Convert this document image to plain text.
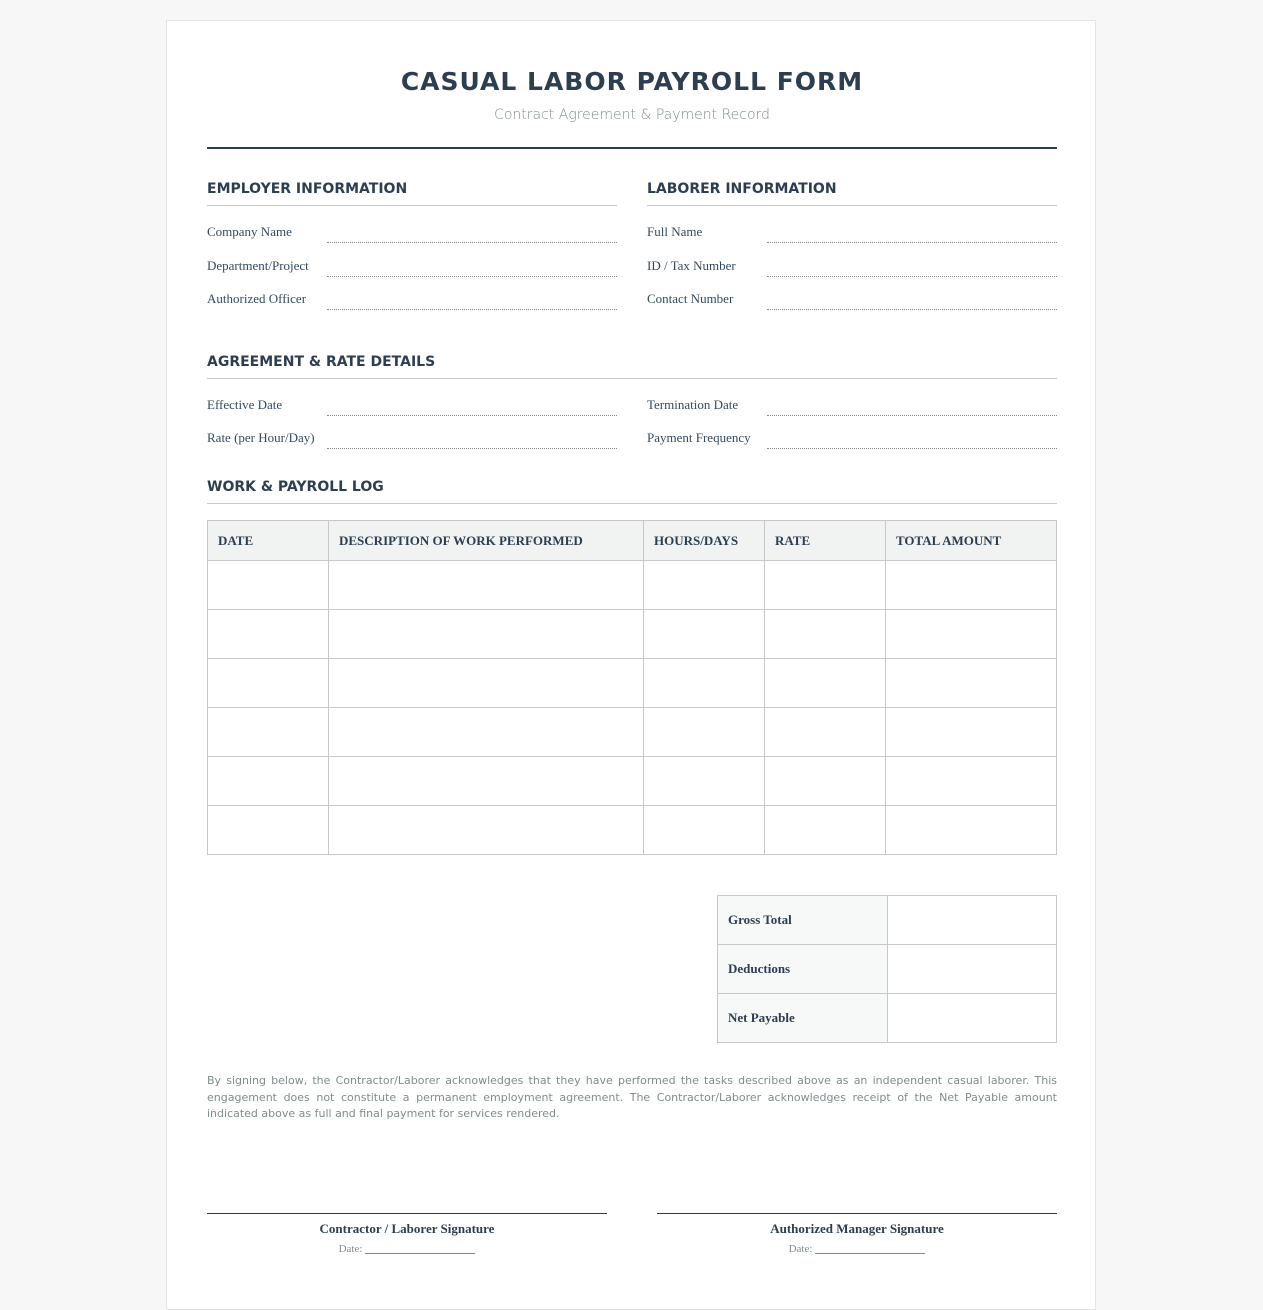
CASUAL LABOR PAYROLL FORM
Contract Agreement & Payment Record
EMPLOYER INFORMATION
Company Name
Department/Project
Authorized Officer
LABORER INFORMATION
Full Name
ID / Tax Number
Contact Number
AGREEMENT & RATE DETAILS
Effective Date	Termination Date
Rate (per Hour/Day)	Payment Frequency
WORK & PAYROLL LOG
DATE	DESCRIPTION OF WORK PERFORMED	HOURS/DAYS	RATE	TOTAL AMOUNT

Gross Total	
Deductions	
Net Payable	
By signing below, the Contractor/Laborer acknowledges that they have performed the tasks described above as an independent casual laborer. This engagement does not constitute a permanent employment agreement. The Contractor/Laborer acknowledges receipt of the Net Payable amount indicated above as full and final payment for services rendered.
Contractor / Laborer Signature
Date:
Authorized Manager Signature
Date:
